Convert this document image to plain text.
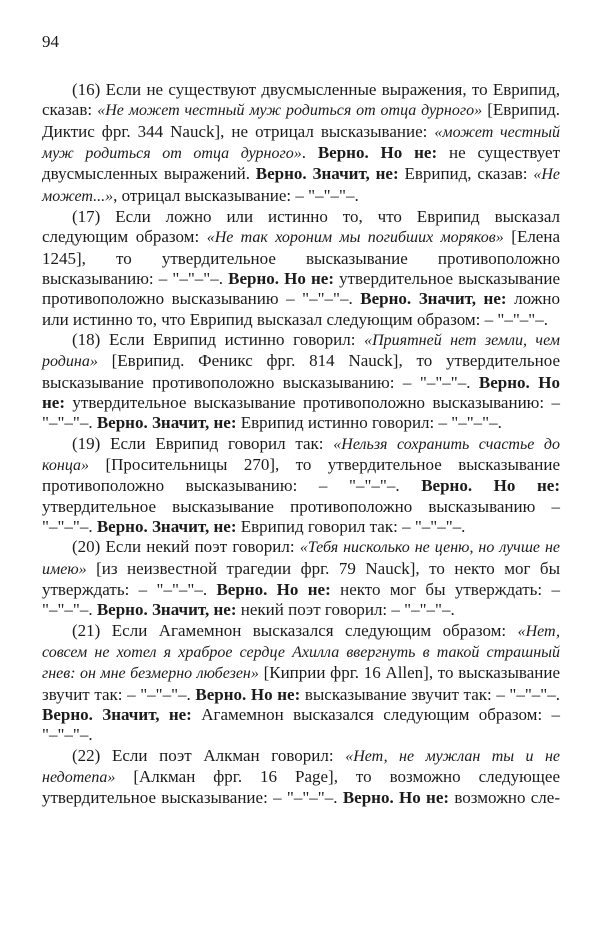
94

(16) Если не существуют двусмысленные выражения, то Еврипид, сказав: «Не может честный муж родиться от отца дурного» [Еврипид. Диктис фрг. 344 Nauck], не отрицал высказывание: «может честный муж родиться от отца дурного». Верно. Но не: не существует двусмысленных выражений. Верно. Значит, не: Еврипид, сказав: «Не может...», отрицал высказывание: – "–"–"–.

(17) Если ложно или истинно то, что Еврипид высказал следующим образом: «Не так хороним мы погибших моряков» [Елена 1245], то утвердительное высказывание противоположно высказыванию: – "–"–"–. Верно. Но не: утвердительное высказывание противоположно высказыванию – "–"–"–. Верно. Значит, не: ложно или истинно то, что Еврипид высказал следующим образом: – "–"–"–.

(18) Если Еврипид истинно говорил: «Приятней нет земли, чем родина» [Еврипид. Феникс фрг. 814 Nauck], то утвердительное высказывание противоположно высказыванию: – "–"–"–. Верно. Но не: утвердительное высказывание противоположно высказыванию: – "–"–"–. Верно. Значит, не: Еврипид истинно говорил: – "–"–"–.

(19) Если Еврипид говорил так: «Нельзя сохранить счастье до конца» [Просительницы 270], то утвердительное высказывание противоположно высказыванию: – "–"–"–. Верно. Но не: утвердительное высказывание противоположно высказыванию – "–"–"–. Верно. Значит, не: Еврипид говорил так: – "–"–"–.

(20) Если некий поэт говорил: «Тебя нисколько не ценю, но лучше не имею» [из неизвестной трагедии фрг. 79 Nauck], то некто мог бы утверждать: – "–"–"–. Верно. Но не: некто мог бы утверждать: – "–"–"–. Верно. Значит, не: некий поэт говорил: – "–"–"–.

(21) Если Агамемнон высказался следующим образом: «Нет, совсем не хотел я храброе сердце Ахилла ввергнуть в такой страшный гнев: он мне безмерно любезен» [Киприи фрг. 16 Allen], то высказывание звучит так: – "–"–"–. Верно. Но не: высказывание звучит так: – "–"–"–. Верно. Значит, не: Агамемнон высказался следующим образом: – "–"–"–.

(22) Если поэт Алкман говорил: «Нет, не мужлан ты и не недотепа» [Алкман фрг. 16 Page], то возможно следующее утвердительное высказывание: – "–"–"–. Верно. Но не: возможно сле-
